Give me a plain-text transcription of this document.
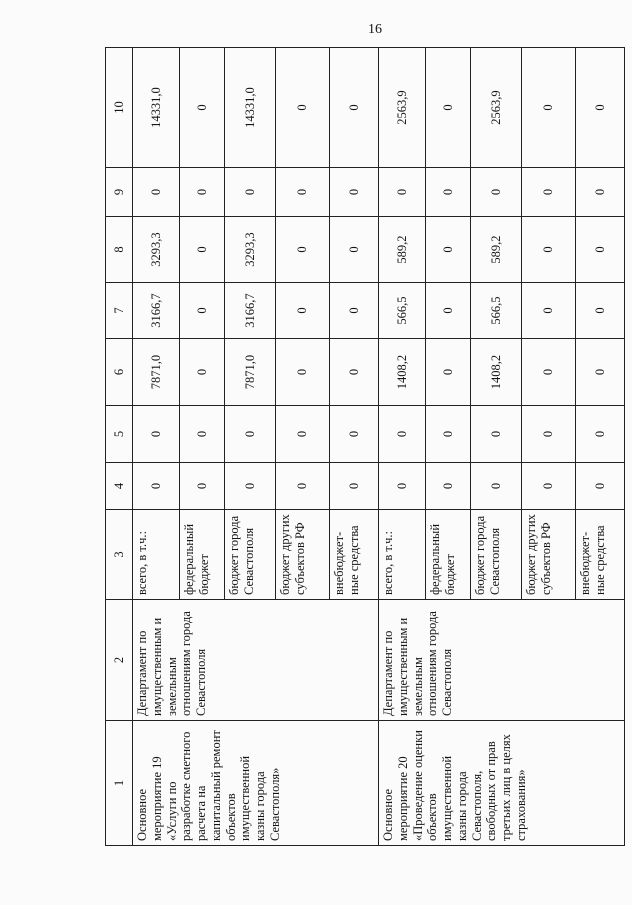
16
1	2	3	4	5	6	7	8	9	10
Основное мероприятие 19 «Услуги по разработке сметного расчета на капитальный ремонт объектов имущественной казны города Севастополя»	Департамент по имущественным и земельным отношениям города Севастополя	всего, в т.ч.:	0	0	7871,0	3166,7	3293,3	0	14331,0
		федеральный бюджет	0	0	0	0	0	0	0
		бюджет города Севастополя	0	0	7871,0	3166,7	3293,3	0	14331,0
		бюджет других субъектов РФ	0	0	0	0	0	0	0
		внебюджет-ные средства	0	0	0	0	0	0	0
Основное мероприятие 20 «Проведение оценки объектов имущественной казны города Севастополя, свободных от прав третьих лиц в целях страхования»	Департамент по имущественным и земельным отношениям города Севастополя	всего, в т.ч.:	0	0	1408,2	566,5	589,2	0	2563,9
		федеральный бюджет	0	0	0	0	0	0	0
		бюджет города Севастополя	0	0	1408,2	566,5	589,2	0	2563,9
		бюджет других субъектов РФ	0	0	0	0	0	0	0
		внебюджет-ные средства	0	0	0	0	0	0	0
